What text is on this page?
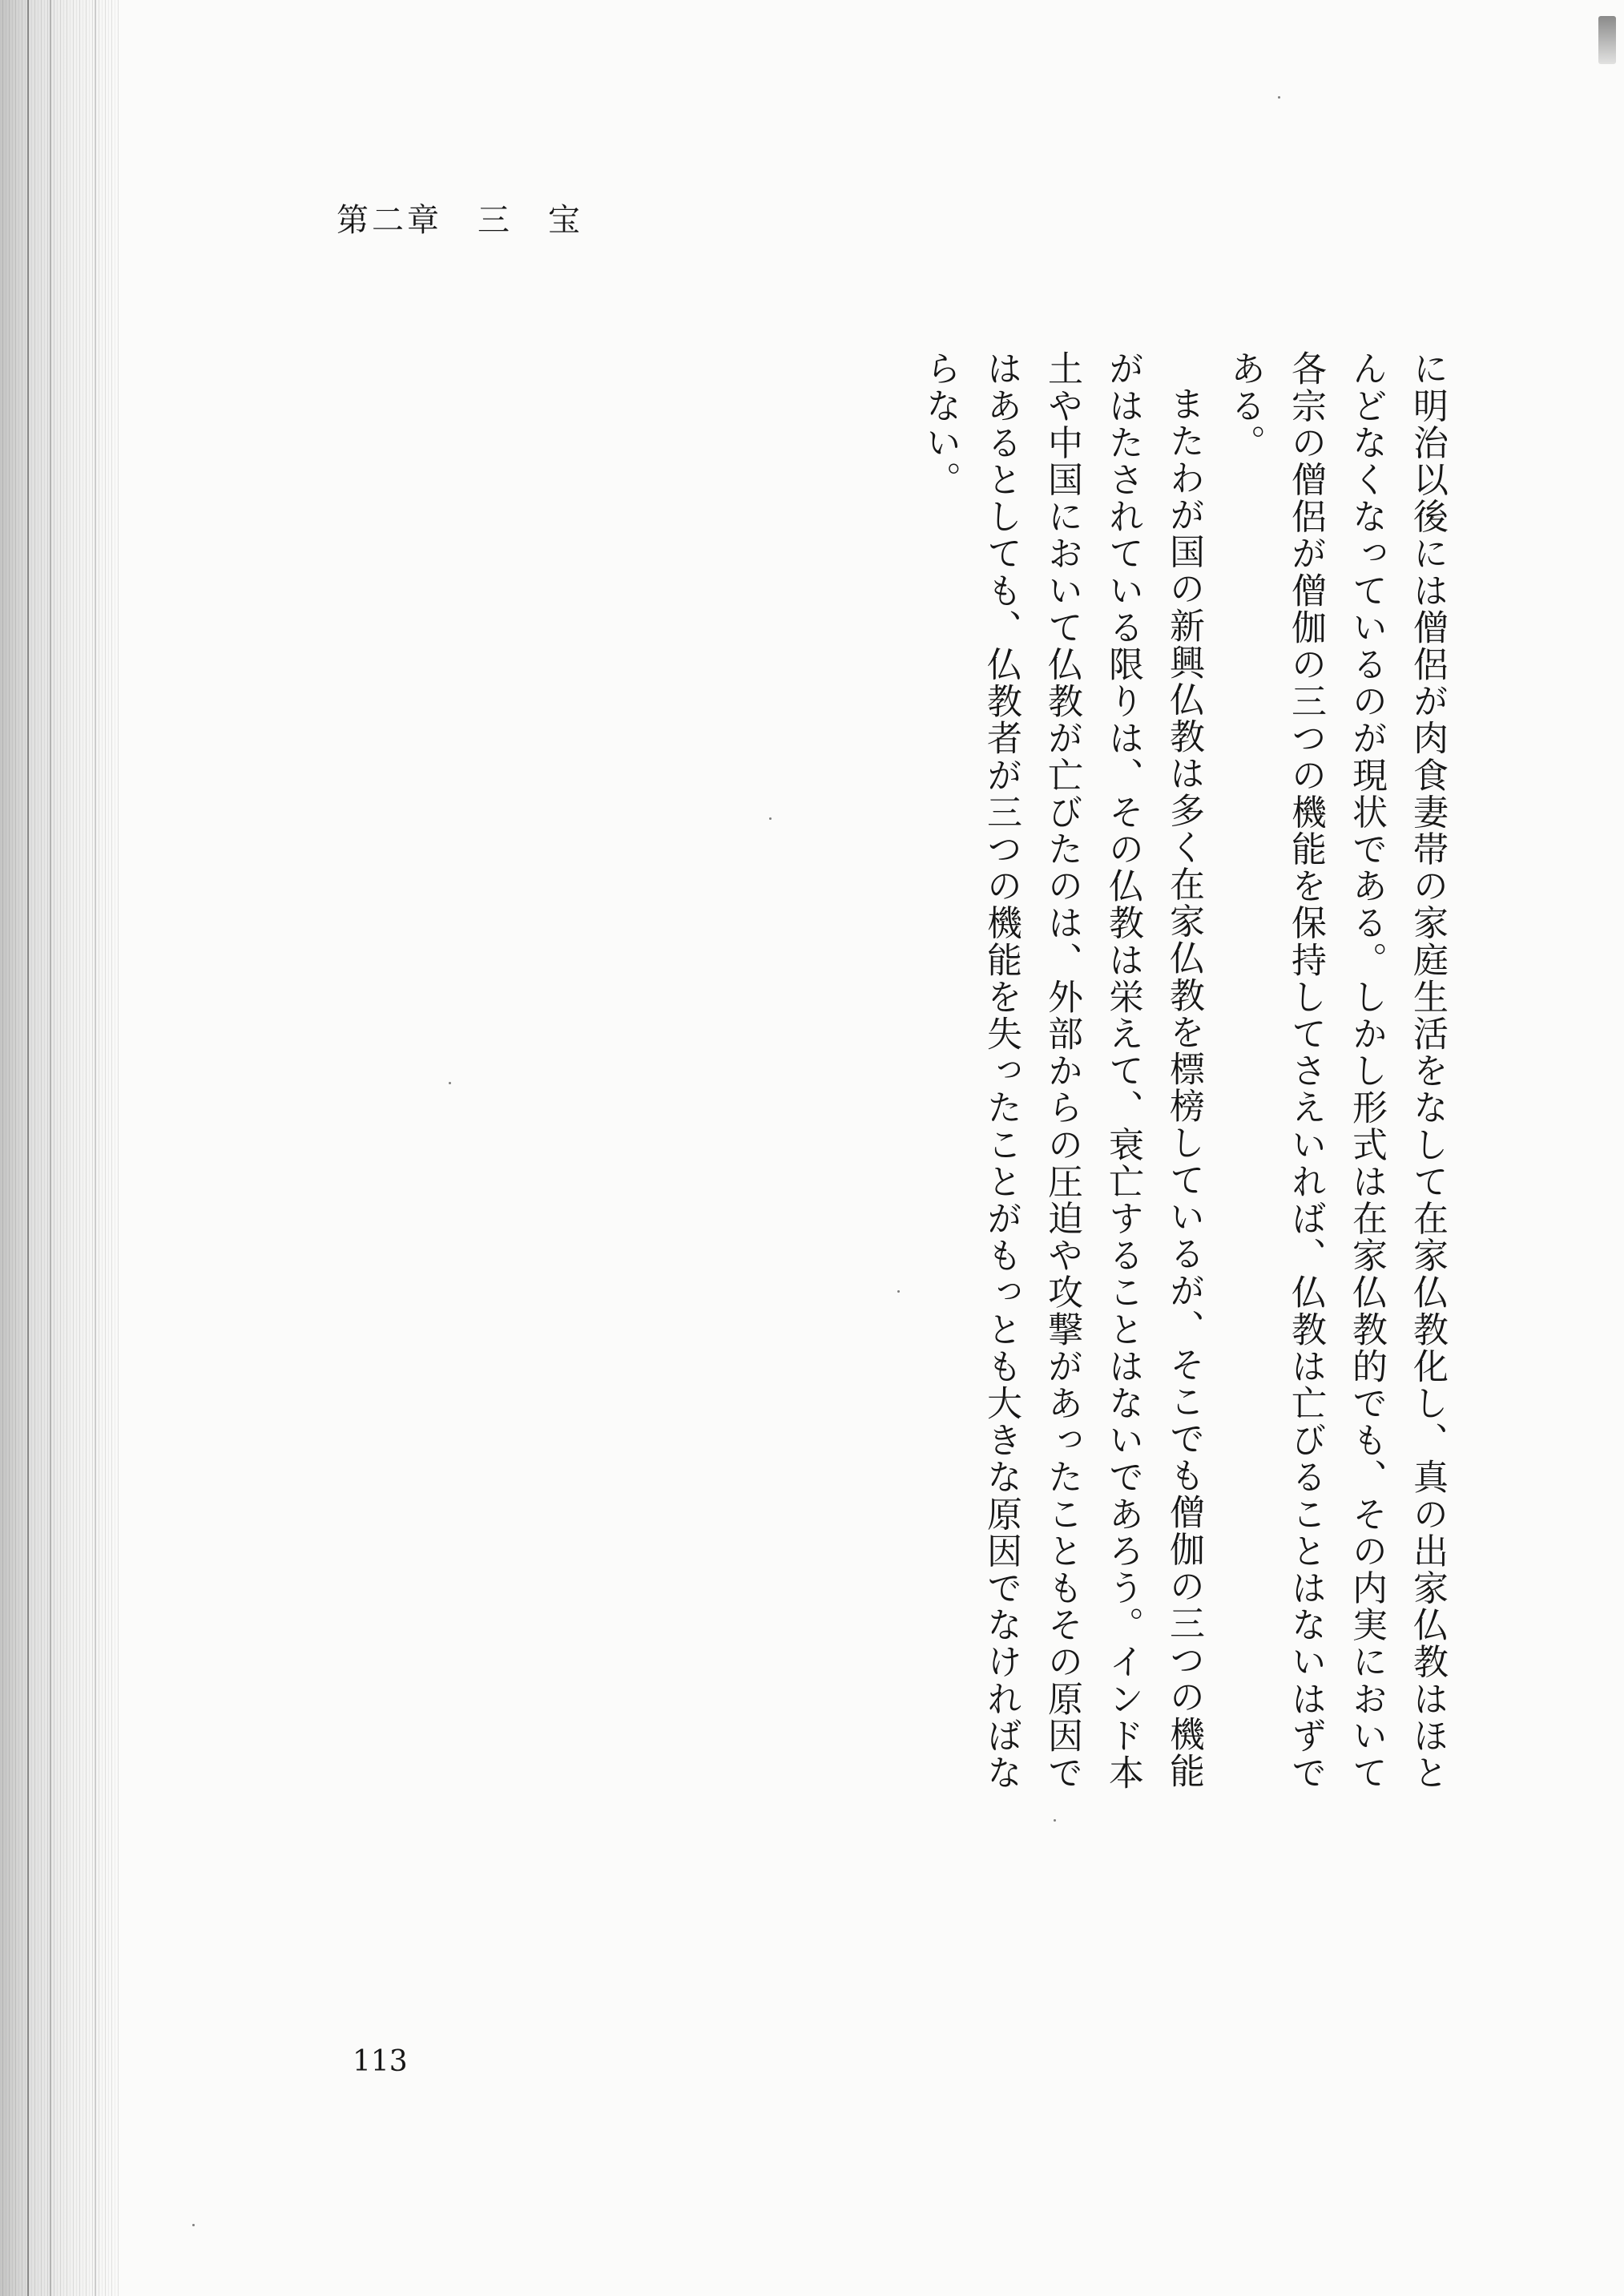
第二章　三　宝

に明治以後には僧侶が肉食妻帯の家庭生活をなして在家仏教化し、真の出家仏教はほとんどなくなっているのが現状である。しかし形式は在家仏教的でも、その内実において各宗の僧侶が僧伽の三つの機能を保持してさえいれば、仏教は亡びることはないはずである。

またわが国の新興仏教は多く在家仏教を標榜しているが、そこでも僧伽の三つの機能がはたされている限りは、その仏教は栄えて、衰亡することはないであろう。インド本土や中国において仏教が亡びたのは、外部からの圧迫や攻撃があったこともその原因ではあるとしても、仏教者が三つの機能を失ったことがもっとも大きな原因でなければならない。

113
